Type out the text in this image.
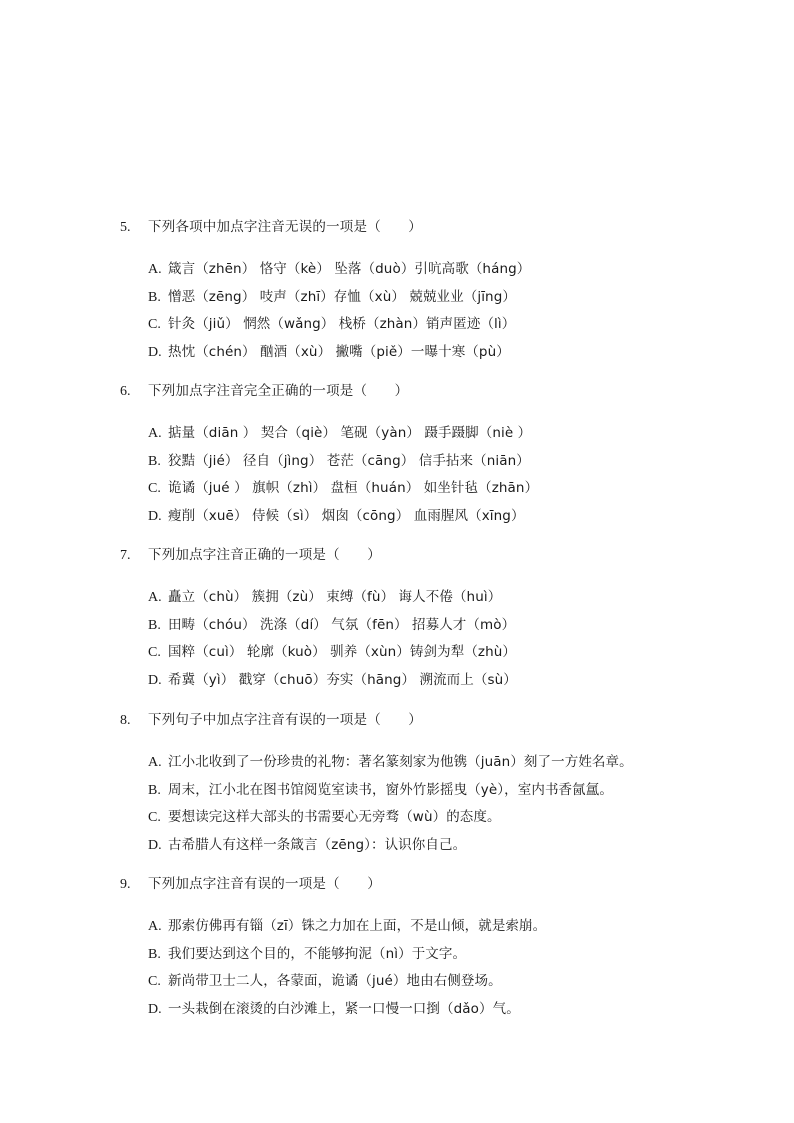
5.	下列各项中加点字注音无误的一项是（　　）
A. 箴言（zhēn） 恪守（kè） 坠落（duò）引吭高歌（háng）
B. 憎恶（zēng） 吱声（zhī）存恤（xù） 兢兢业业（jīng）
C. 针灸（jiǔ） 惘然（wǎng） 栈桥（zhàn）销声匿迹（lì）
D. 热忱（chén） 酗酒（xù） 撇嘴（piě）一曝十寒（pù）
6.	下列加点字注音完全正确的一项是（　　）
A. 掂量（diān ） 契合（qiè） 笔砚（yàn） 蹑手蹑脚（niè ）
B. 狡黠（jié） 径自（jìng） 苍茫（cāng） 信手拈来（niān）
C. 诡谲（jué ） 旗帜（zhì） 盘桓（huán） 如坐针毡（zhān）
D. 瘦削（xuē） 侍候（sì） 烟囱（cōng） 血雨腥风（xīng）
7.	下列加点字注音正确的一项是（　　）
A. 矗立（chù） 簇拥（zù） 束缚（fù） 诲人不倦（huì）
B. 田畴（chóu） 洗涤（dí） 气氛（fēn） 招募人才（mò）
C. 国粹（cuì） 轮廓（kuò） 驯养（xùn）铸剑为犁（zhù）
D. 希冀（yì） 戳穿（chuō）夯实（hāng） 溯流而上（sù）
8.	下列句子中加点字注音有误的一项是（　　）
A. 江小北收到了一份珍贵的礼物：著名篆刻家为他镌（juān）刻了一方姓名章。
B. 周末，江小北在图书馆阅览室读书，窗外竹影摇曳（yè），室内书香氤氲。
C. 要想读完这样大部头的书需要心无旁骛（wù）的态度。
D. 古希腊人有这样一条箴言（zēng）：认识你自己。
9.	下列加点字注音有误的一项是（　　）
A. 那索仿佛再有锱（zī）铢之力加在上面，不是山倾，就是索崩。
B. 我们要达到这个目的，不能够拘泥（nì）于文字。
C. 新尚带卫士二人，各蒙面，诡谲（jué）地由右侧登场。
D. 一头栽倒在滚烫的白沙滩上，紧一口慢一口捯（dǎo）气。
